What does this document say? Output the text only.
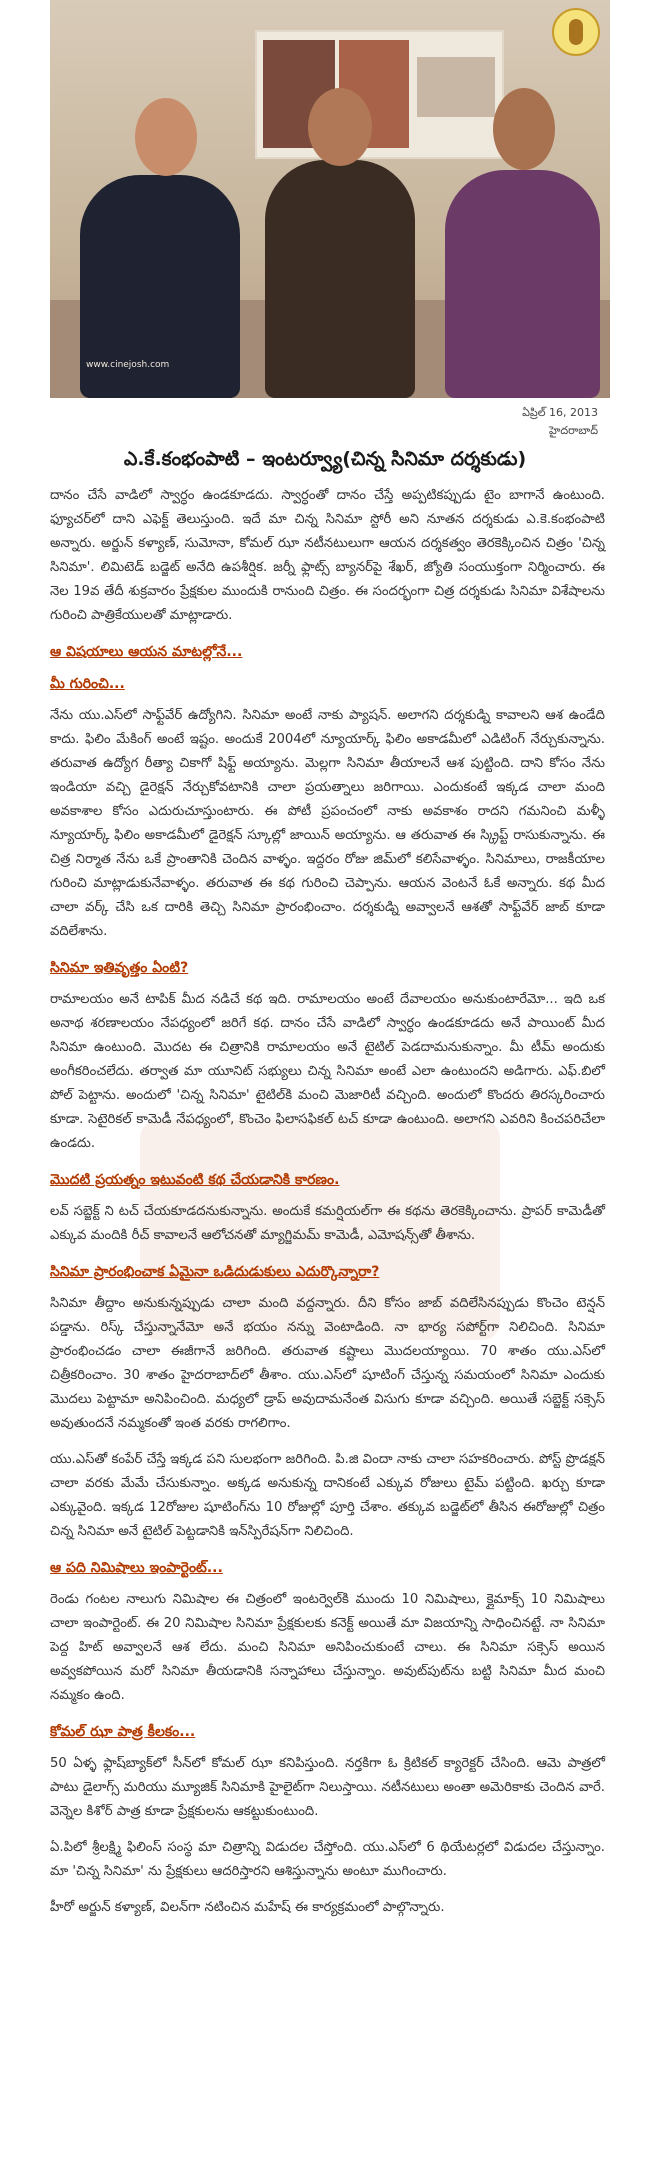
www.cinejosh.com
ఏప్రిల్ 16, 2013
హైదరాబాద్
ఎ.కే.కంభంపాటి – ఇంటర్వ్యూ(చిన్న సినిమా దర్శకుడు)

దానం చేసే వాడిలో స్వార్ధం ఉండకూడదు. స్వార్ధంతో దానం చేస్తే అప్పటికప్పుడు టైం బాగానే ఉంటుంది. ఫ్యూచర్‌లో దాని ఎఫెక్ట్ తెలుస్తుంది. ఇదే మా చిన్న సినిమా స్టోరీ అని నూతన దర్శకుడు ఎ.కె.కంభంపాటి అన్నారు. అర్జున్ కళ్యాణ్, సుమోనా, కోమల్ ఝా నటీనటులుగా ఆయన దర్శకత్వం తెరకెక్కించిన చిత్రం 'చిన్న సినిమా'. లిమిటెడ్ బడ్జెట్ అనేది ఉపశీర్షిక. జర్నీ ఫ్లాట్స్ బ్యానర్‌పై శేఖర్, జ్యోతి సంయుక్తంగా నిర్మించారు. ఈ నెల 19వ తేదీ శుక్రవారం ప్రేక్షకుల ముందుకి రానుంది చిత్రం. ఈ సందర్భంగా చిత్ర దర్శకుడు సినిమా విశేషాలను గురించి పాత్రికేయులతో మాట్లాడారు.

ఆ విషయాలు ఆయన మాటల్లోనే...
మీ గురించి...

నేను యు.ఎస్‌లో సాఫ్ట్‌వేర్ ఉద్యోగిని. సినిమా అంటే నాకు ప్యాషన్. అలాగని దర్శకుడ్ని కావాలని ఆశ ఉండేది కాదు. ఫిలిం మేకింగ్ అంటే ఇష్టం. అందుకే 2004లో న్యూయార్క్ ఫిలిం అకాడమీలో ఎడిటింగ్ నేర్చుకున్నాను. తరువాత ఉద్యోగ రీత్యా చికాగో షిఫ్ట్ అయ్యాను. మెల్లగా సినిమా తీయాలనే ఆశ పుట్టింది. దాని కోసం నేను ఇండియా వచ్చి డైరెక్షన్ నేర్చుకోవటానికి చాలా ప్రయత్నాలు జరిగాయి. ఎందుకంటే ఇక్కడ చాలా మంది అవకాశాల కోసం ఎదురుచూస్తుంటారు. ఈ పోటీ ప్రపంచంలో నాకు అవకాశం రాదని గమనించి మళ్ళీ న్యూయార్క్ ఫిలిం అకాడమీలో డైరెక్షన్ స్కూల్లో జాయిన్ అయ్యాను. ఆ తరువాత ఈ స్క్రిప్ట్ రాసుకున్నాను. ఈ చిత్ర నిర్మాత నేను ఒకే ప్రాంతానికి చెందిన వాళ్ళం. ఇద్దరం రోజు జిమ్‌లో కలిసేవాళ్ళం. సినిమాలు, రాజకీయాల గురించి మాట్లాడుకునేవాళ్ళం. తరువాత ఈ కథ గురించి చెప్పాను. ఆయన వెంటనే ఓకే అన్నారు. కథ మీద చాలా వర్క్ చేసి ఒక దారికి తెచ్చి సినిమా ప్రారంభించాం. దర్శకుడ్ని అవ్వాలనే ఆశతో సాఫ్ట్‌వేర్ జాబ్ కూడా వదిలేశాను.

సినిమా ఇతివృత్తం ఏంటి?

రామాలయం అనే టాపిక్ మీద నడిచే కథ ఇది. రామాలయం అంటే దేవాలయం అనుకుంటారేమో... ఇది ఒక అనాథ శరణాలయం నేపధ్యంలో జరిగే కథ. దానం చేసే వాడిలో స్వార్ధం ఉండకూడదు అనే పాయింట్ మీద సినిమా ఉంటుంది. మొదట ఈ చిత్రానికి రామాలయం అనే టైటిల్ పెడదామనుకున్నాం. మీ టీమ్ అందుకు అంగీకరించలేదు. తర్వాత మా యూనిట్ సభ్యులు చిన్న సినిమా అంటే ఎలా ఉంటుందని అడిగారు. ఎఫ్.బిలో పోల్ పెట్టాను. అందులో 'చిన్న సినిమా' టైటిల్‌కి మంచి మెజారిటీ వచ్చింది. అందులో కొందరు తిరస్కరించారు కూడా. సెటైరికల్ కామెడీ నేపధ్యంలో, కొంచెం ఫిలాసఫికల్ టచ్ కూడా ఉంటుంది. అలాగని ఎవరిని కించపరిచేలా ఉండదు.

మొదటి ప్రయత్నం ఇటువంటి కథ చేయడానికి కారణం.

లవ్ సబ్జెక్ట్ ని టచ్ చేయకూడదనుకున్నాను. అందుకే కమర్షియల్‌గా ఈ కథను తెరకెక్కించాను. ప్రాపర్ కామెడీతో ఎక్కువ మందికి రీచ్ కావాలనే ఆలోచనతో మ్యాగ్జిమమ్ కామెడీ, ఎమోషన్స్‌తో తీశాను.

సినిమా ప్రారంభించాక ఏమైనా ఒడిదుడుకులు ఎదుర్కొన్నారా?

సినిమా తీద్దాం అనుకున్నప్పుడు చాలా మంది వద్దన్నారు. దీని కోసం జాబ్ వదిలేసినప్పుడు కొంచెం టెన్షన్ పడ్డాను. రిస్క్ చేస్తున్నానేమో అనే భయం నన్ను వెంటాడింది. నా భార్య సపోర్ట్‌గా నిలిచింది. సినిమా ప్రారంభించడం చాలా ఈజీగానే జరిగింది. తరువాత కష్టాలు మొదలయ్యాయి. 70 శాతం యు.ఎస్‌లో చిత్రీకరించాం. 30 శాతం హైదరాబాద్‌లో తీశాం. యు.ఎస్‌లో షూటింగ్ చేస్తున్న సమయంలో సినిమా ఎందుకు మొదలు పెట్టామా అనిపించింది. మధ్యలో డ్రాప్ అవుదామనేంత విసుగు కూడా వచ్చింది. అయితే సబ్జెక్ట్ సక్సెస్ అవుతుందనే నమ్మకంతో ఇంత వరకు రాగలిగాం.

యు.ఎస్‌తో కంపేర్ చేస్తే ఇక్కడ పని సులభంగా జరిగింది. పి.జి విందా నాకు చాలా సహకరించారు. పోస్ట్ ప్రొడక్షన్ చాలా వరకు మేమే చేసుకున్నాం. అక్కడ అనుకున్న దానికంటే ఎక్కువ రోజులు టైమ్ పట్టింది. ఖర్చు కూడా ఎక్కువైంది. ఇక్కడ 12రోజుల షూటింగ్‌ను 10 రోజుల్లో పూర్తి చేశాం. తక్కువ బడ్జెట్‌లో తీసిన ఈరోజుల్లో చిత్రం చిన్న సినిమా అనే టైటిల్ పెట్టడానికి ఇన్‌స్పిరేషన్‌గా నిలిచింది.

ఆ పది నిమిషాలు ఇంపార్టెంట్...

రెండు గంటల నాలుగు నిమిషాల ఈ చిత్రంలో ఇంటర్వెల్‌కి ముందు 10 నిమిషాలు, క్లైమాక్స్ 10 నిమిషాలు చాలా ఇంపార్టెంట్. ఈ 20 నిమిషాల సినిమా ప్రేక్షకులకు కనెక్ట్ అయితే మా విజయాన్ని సాధించినట్టే. నా సినిమా పెద్ద హిట్ అవ్వాలనే ఆశ లేదు. మంచి సినిమా అనిపించుకుంటే చాలు. ఈ సినిమా సక్సెస్ అయిన అవ్వకపోయిన మరో సినిమా తీయడానికి సన్నాహాలు చేస్తున్నాం. అవుట్‌పుట్‌ను బట్టి సినిమా మీద మంచి నమ్మకం ఉంది.

కోమల్ ఝా పాత్ర కీలకం...

50 ఏళ్ళ ఫ్లాష్‌బ్యాక్‌లో సీన్‌లో కోమల్ ఝా కనిపిస్తుంది. నర్తకిగా ఓ క్రిటికల్ క్యారెక్టర్ చేసింది. ఆమె పాత్రలో పాటు డైలాగ్స్ మరియు మ్యూజిక్ సినిమాకి హైలైట్‌గా నిలుస్తాయి. నటీనటులు అంతా అమెరికాకు చెందిన వారే. వెన్నెల కిశోర్ పాత్ర కూడా ప్రేక్షకులను ఆకట్టుకుంటుంది.

ఏ.పిలో శ్రీలక్ష్మి ఫిలింస్ సంస్థ మా చిత్రాన్ని విడుదల చేస్తోంది. యు.ఎస్‌లో 6 థియేటర్లలో విడుదల చేస్తున్నాం. మా 'చిన్న సినిమా' ను ప్రేక్షకులు ఆదరిస్తారని ఆశిస్తున్నాను అంటూ ముగించారు.

హీరో అర్జున్ కళ్యాణ్, విలన్‌గా నటించిన మహేష్ ఈ కార్యక్రమంలో పాల్గొన్నారు.
